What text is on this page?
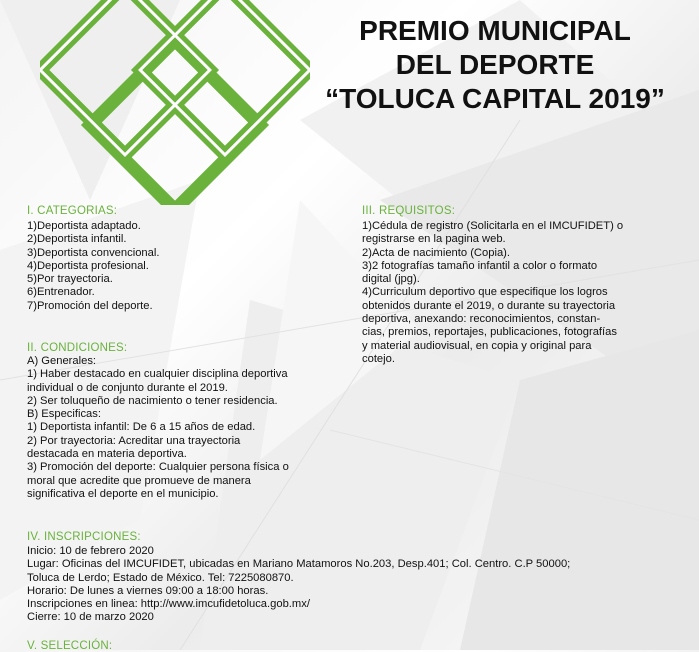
PREMIO MUNICIPAL
DEL DEPORTE
“TOLUCA CAPITAL 2019”
I. CATEGORIAS:
1)Deportista adaptado.
2)Deportista infantil.
3)Deportista convencional.
4)Deportista profesional.
5)Por trayectoria.
6)Entrenador.
7)Promoción del deporte.
II. CONDICIONES:
A) Generales:
1) Haber destacado en cualquier disciplina deportiva
individual o de conjunto durante el 2019.
2) Ser toluqueño de nacimiento o tener residencia.
B) Especificas:
1) Deportista infantil: De 6 a 15 años de edad.
2) Por trayectoria: Acreditar una trayectoria
destacada en materia deportiva.
3) Promoción del deporte: Cualquier persona física o
moral que acredite que promueve de manera
significativa el deporte en el municipio.
III. REQUISITOS:
1)Cédula de registro (Solicitarla en el IMCUFIDET) o
registrarse en la pagina web.
2)Acta de nacimiento (Copia).
3)2 fotografías tamaño infantil a color o formato
digital (jpg).
4)Curriculum deportivo que especifique los logros
obtenidos durante el 2019, o durante su trayectoria
deportiva, anexando: reconocimientos, constan-
cias, premios, reportajes, publicaciones, fotografías
y material audiovisual, en copia y original para
cotejo.
IV. INSCRIPCIONES:
Inicio: 10 de febrero 2020
Lugar: Oficinas del IMCUFIDET, ubicadas en Mariano Matamoros No.203, Desp.401; Col. Centro. C.P 50000;
Toluca de Lerdo; Estado de México. Tel: 7225080870.
Horario: De lunes a viernes 09:00 a 18:00 horas.
Inscripciones en linea: http://www.imcufidetoluca.gob.mx/
Cierre: 10 de marzo 2020
V. SELECCIÓN:
